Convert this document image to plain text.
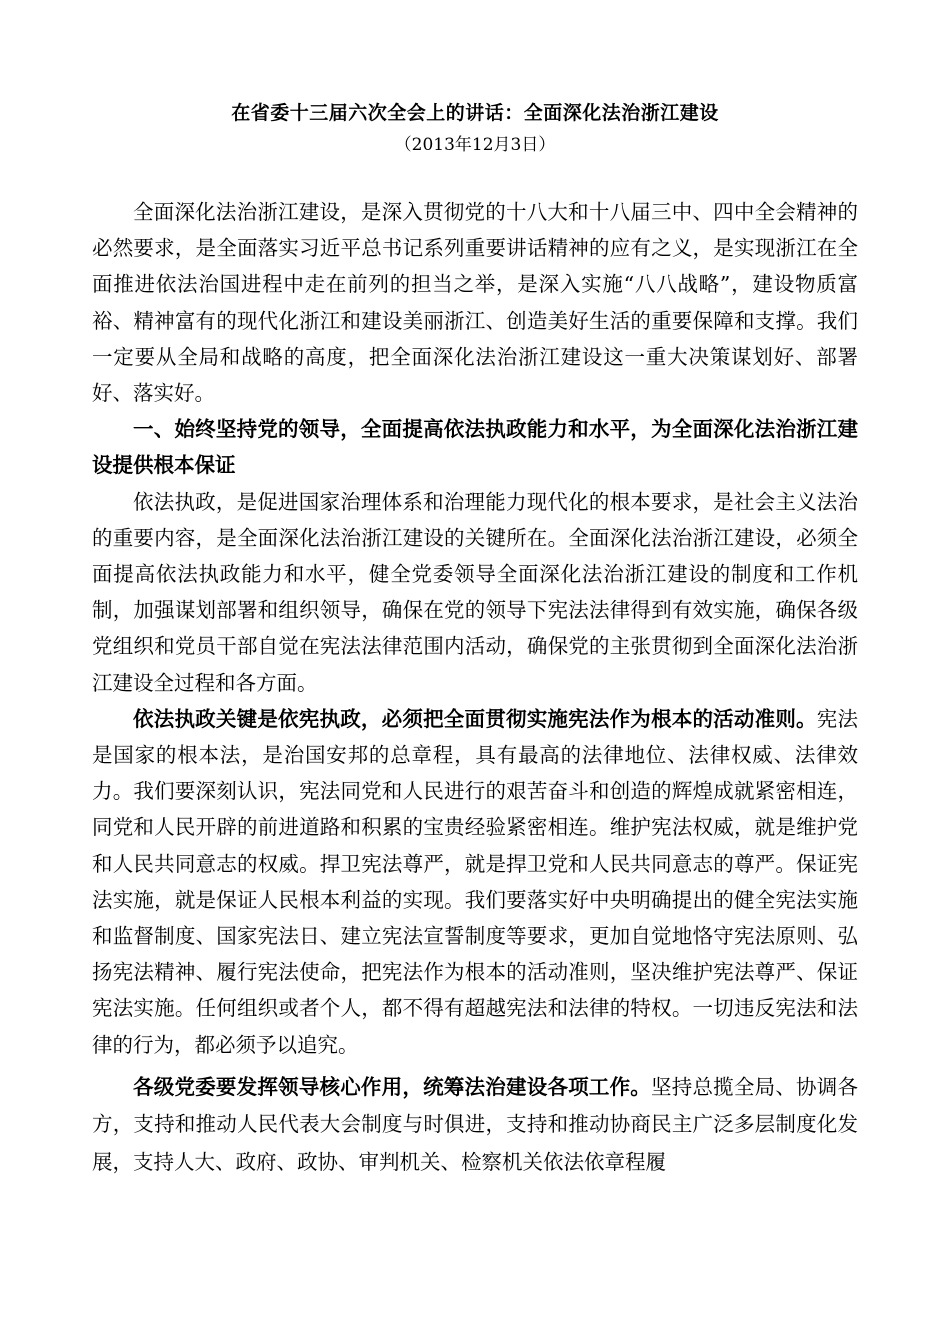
在省委十三届六次全会上的讲话：全面深化法治浙江建设

（2013年12月3日）

全面深化法治浙江建设，是深入贯彻党的十八大和十八届三中、四中全会精神的必然要求，是全面落实习近平总书记系列重要讲话精神的应有之义，是实现浙江在全面推进依法治国进程中走在前列的担当之举，是深入实施“八八战略”，建设物质富裕、精神富有的现代化浙江和建设美丽浙江、创造美好生活的重要保障和支撑。我们一定要从全局和战略的高度，把全面深化法治浙江建设这一重大决策谋划好、部署好、落实好。

一、始终坚持党的领导，全面提高依法执政能力和水平，为全面深化法治浙江建设提供根本保证

依法执政，是促进国家治理体系和治理能力现代化的根本要求，是社会主义法治的重要内容，是全面深化法治浙江建设的关键所在。全面深化法治浙江建设，必须全面提高依法执政能力和水平，健全党委领导全面深化法治浙江建设的制度和工作机制，加强谋划部署和组织领导，确保在党的领导下宪法法律得到有效实施，确保各级党组织和党员干部自觉在宪法法律范围内活动，确保党的主张贯彻到全面深化法治浙江建设全过程和各方面。

依法执政关键是依宪执政，必须把全面贯彻实施宪法作为根本的活动准则。宪法是国家的根本法，是治国安邦的总章程，具有最高的法律地位、法律权威、法律效力。我们要深刻认识，宪法同党和人民进行的艰苦奋斗和创造的辉煌成就紧密相连，同党和人民开辟的前进道路和积累的宝贵经验紧密相连。维护宪法权威，就是维护党和人民共同意志的权威。捍卫宪法尊严，就是捍卫党和人民共同意志的尊严。保证宪法实施，就是保证人民根本利益的实现。我们要落实好中央明确提出的健全宪法实施和监督制度、国家宪法日、建立宪法宣誓制度等要求，更加自觉地恪守宪法原则、弘扬宪法精神、履行宪法使命，把宪法作为根本的活动准则，坚决维护宪法尊严、保证宪法实施。任何组织或者个人，都不得有超越宪法和法律的特权。一切违反宪法和法律的行为，都必须予以追究。

各级党委要发挥领导核心作用，统筹法治建设各项工作。坚持总揽全局、协调各方，支持和推动人民代表大会制度与时俱进，支持和推动协商民主广泛多层制度化发展，支持人大、政府、政协、审判机关、检察机关依法依章程履
